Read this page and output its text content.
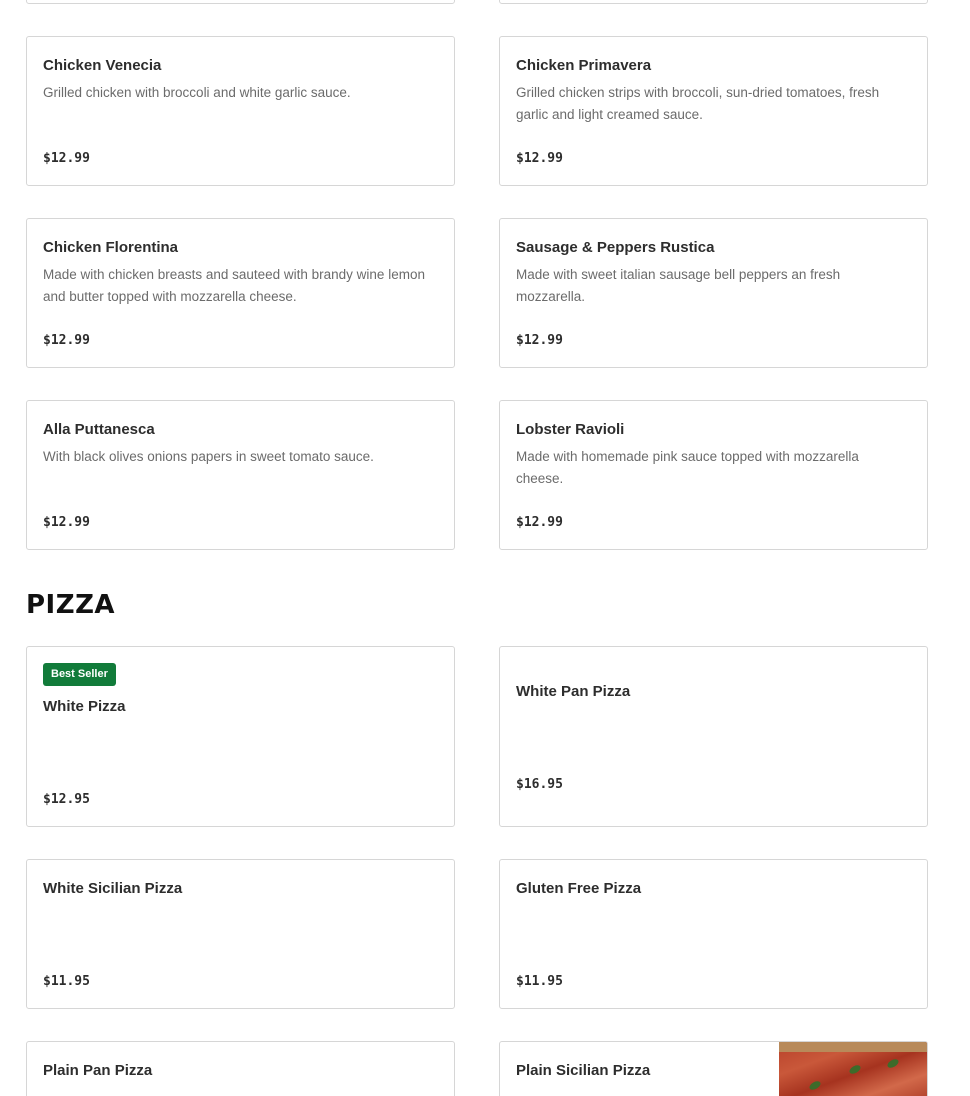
Chicken Venecia
Grilled chicken with broccoli and white garlic sauce.
$12.99
Chicken Primavera
Grilled chicken strips with broccoli, sun-dried tomatoes, fresh garlic and light creamed sauce.
$12.99
Chicken Florentina
Made with chicken breasts and sauteed with brandy wine lemon and butter topped with mozzarella cheese.
$12.99
Sausage & Peppers Rustica
Made with sweet italian sausage bell peppers an fresh mozzarella.
$12.99
Alla Puttanesca
With black olives onions papers in sweet tomato sauce.
$12.99
Lobster Ravioli
Made with homemade pink sauce topped with mozzarella cheese.
$12.99
PIZZA
Best Seller
White Pizza
$12.95
White Pan Pizza
$16.95
White Sicilian Pizza
$11.95
Gluten Free Pizza
$11.95
Plain Pan Pizza	Plain Sicilian Pizza
